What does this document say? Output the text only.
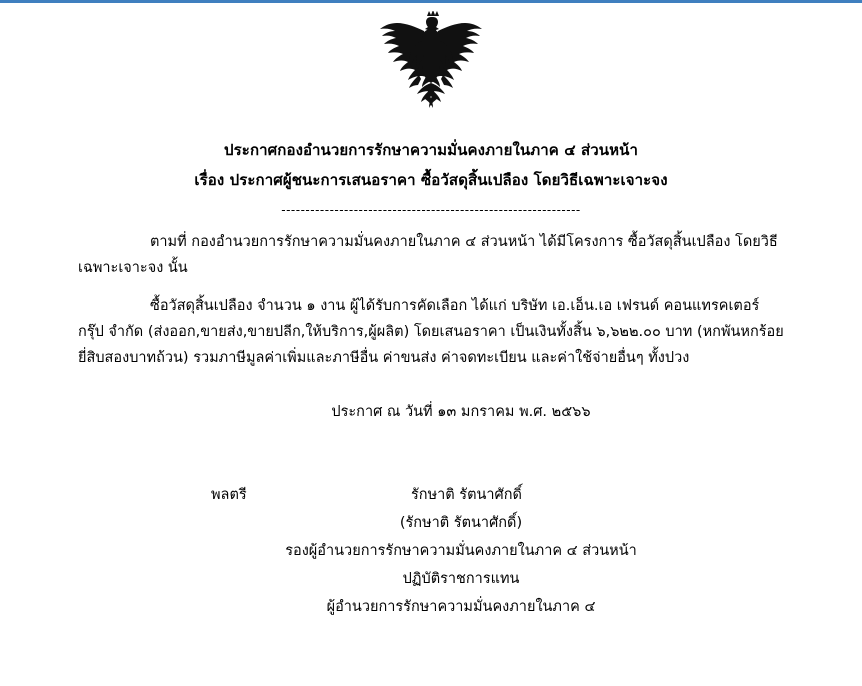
ประกาศกองอำนวยการรักษาความมั่นคงภายในภาค ๔ ส่วนหน้า
เรื่อง ประกาศผู้ชนะการเสนอราคา ซื้อวัสดุสิ้นเปลือง โดยวิธีเฉพาะเจาะจง
--------------------------------------------------------------
ตามที่ กองอำนวยการรักษาความมั่นคงภายในภาค ๔ ส่วนหน้า ได้มีโครงการ ซื้อวัสดุสิ้นเปลือง โดยวิธีเฉพาะเจาะจง นั้น
ซื้อวัสดุสิ้นเปลือง จำนวน ๑ งาน ผู้ได้รับการคัดเลือก ได้แก่ บริษัท เอ.เอ็น.เอ เฟรนด์ คอนแทรคเตอร์ กรุ๊ป จำกัด (ส่งออก,ขายส่ง,ขายปลีก,ให้บริการ,ผู้ผลิต) โดยเสนอราคา เป็นเงินทั้งสิ้น ๖,๖๒๒.๐๐ บาท (หกพันหกร้อยยี่สิบสองบาทถ้วน) รวมภาษีมูลค่าเพิ่มและภาษีอื่น ค่าขนส่ง ค่าจดทะเบียน และค่าใช้จ่ายอื่นๆ ทั้งปวง
ประกาศ ณ วันที่ ๑๓ มกราคม พ.ศ. ๒๕๖๖
พลตรี	รักษาติ รัตนาศักดิ์
(รักษาติ รัตนาศักดิ์)
รองผู้อำนวยการรักษาความมั่นคงภายในภาค ๔ ส่วนหน้า
ปฏิบัติราชการแทน
ผู้อำนวยการรักษาความมั่นคงภายในภาค ๔
